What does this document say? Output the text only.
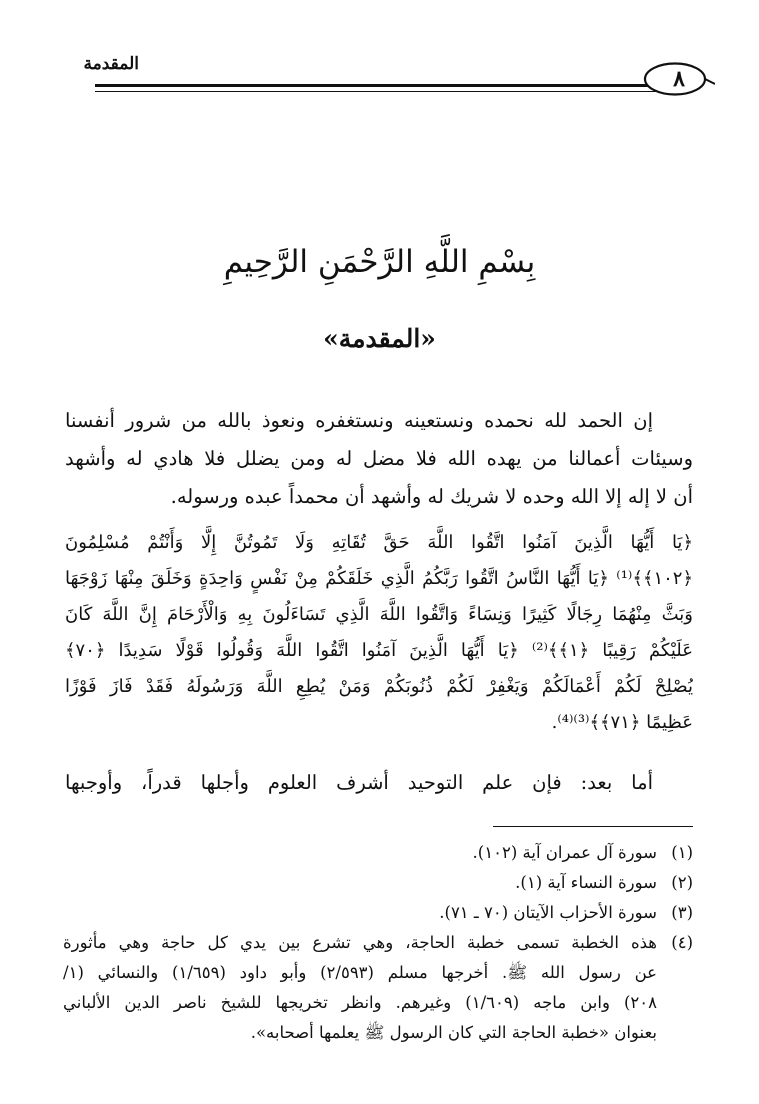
المقدمة
٨
بِسْمِ اللَّهِ الرَّحْمَنِ الرَّحِيمِ
«المقدمة»
إن الحمد لله نحمده ونستعينه ونستغفره ونعوذ بالله من شرور أنفسنا
وسيئات أعمالنا من يهده الله فلا مضل له ومن يضلل فلا هادي له وأشهد
أن لا إله إلا الله وحده لا شريك له وأشهد أن محمداً عبده ورسوله.
﴿يَا أَيُّهَا الَّذِينَ آمَنُوا اتَّقُوا اللَّهَ حَقَّ تُقَاتِهِ وَلَا تَمُوتُنَّ إِلَّا وَأَنْتُمْ مُسْلِمُونَ
﴿١٠٢﴾﴾⁽¹⁾ ﴿يَا أَيُّهَا النَّاسُ اتَّقُوا رَبَّكُمُ الَّذِي خَلَقَكُمْ مِنْ نَفْسٍ وَاحِدَةٍ وَخَلَقَ مِنْهَا زَوْجَهَا
وَبَثَّ مِنْهُمَا رِجَالًا كَثِيرًا وَنِسَاءً وَاتَّقُوا اللَّهَ الَّذِي تَسَاءَلُونَ بِهِ وَالْأَرْحَامَ إِنَّ اللَّهَ كَانَ
عَلَيْكُمْ رَقِيبًا ﴿١﴾﴾⁽²⁾ ﴿يَا أَيُّهَا الَّذِينَ آمَنُوا اتَّقُوا اللَّهَ وَقُولُوا قَوْلًا سَدِيدًا ﴿٧٠﴾
يُصْلِحْ لَكُمْ أَعْمَالَكُمْ وَيَغْفِرْ لَكُمْ ذُنُوبَكُمْ وَمَنْ يُطِعِ اللَّهَ وَرَسُولَهُ فَقَدْ فَازَ فَوْزًا
عَظِيمًا ﴿٧١﴾﴾⁽³⁾⁽⁴⁾.
أما بعد: فإن علم التوحيد أشرف العلوم وأجلها قدراً، وأوجبها
(١)
سورة آل عمران آية (١٠٢).
(٢)
سورة النساء آية (١).
(٣)
سورة الأحزاب الآيتان (٧٠ ـ ٧١).
(٤)
هذه الخطبة تسمى خطبة الحاجة، وهي تشرع بين يدي كل حاجة وهي مأثورة
عن رسول الله ﷺ. أخرجها مسلم (٢/٥٩٣) وأبو داود (١/٦٥٩) والنسائي (١/
٢٠٨) وابن ماجه (١/٦٠٩) وغيرهم. وانظر تخريجها للشيخ ناصر الدين الألباني
بعنوان «خطبة الحاجة التي كان الرسول ﷺ يعلمها أصحابه».
